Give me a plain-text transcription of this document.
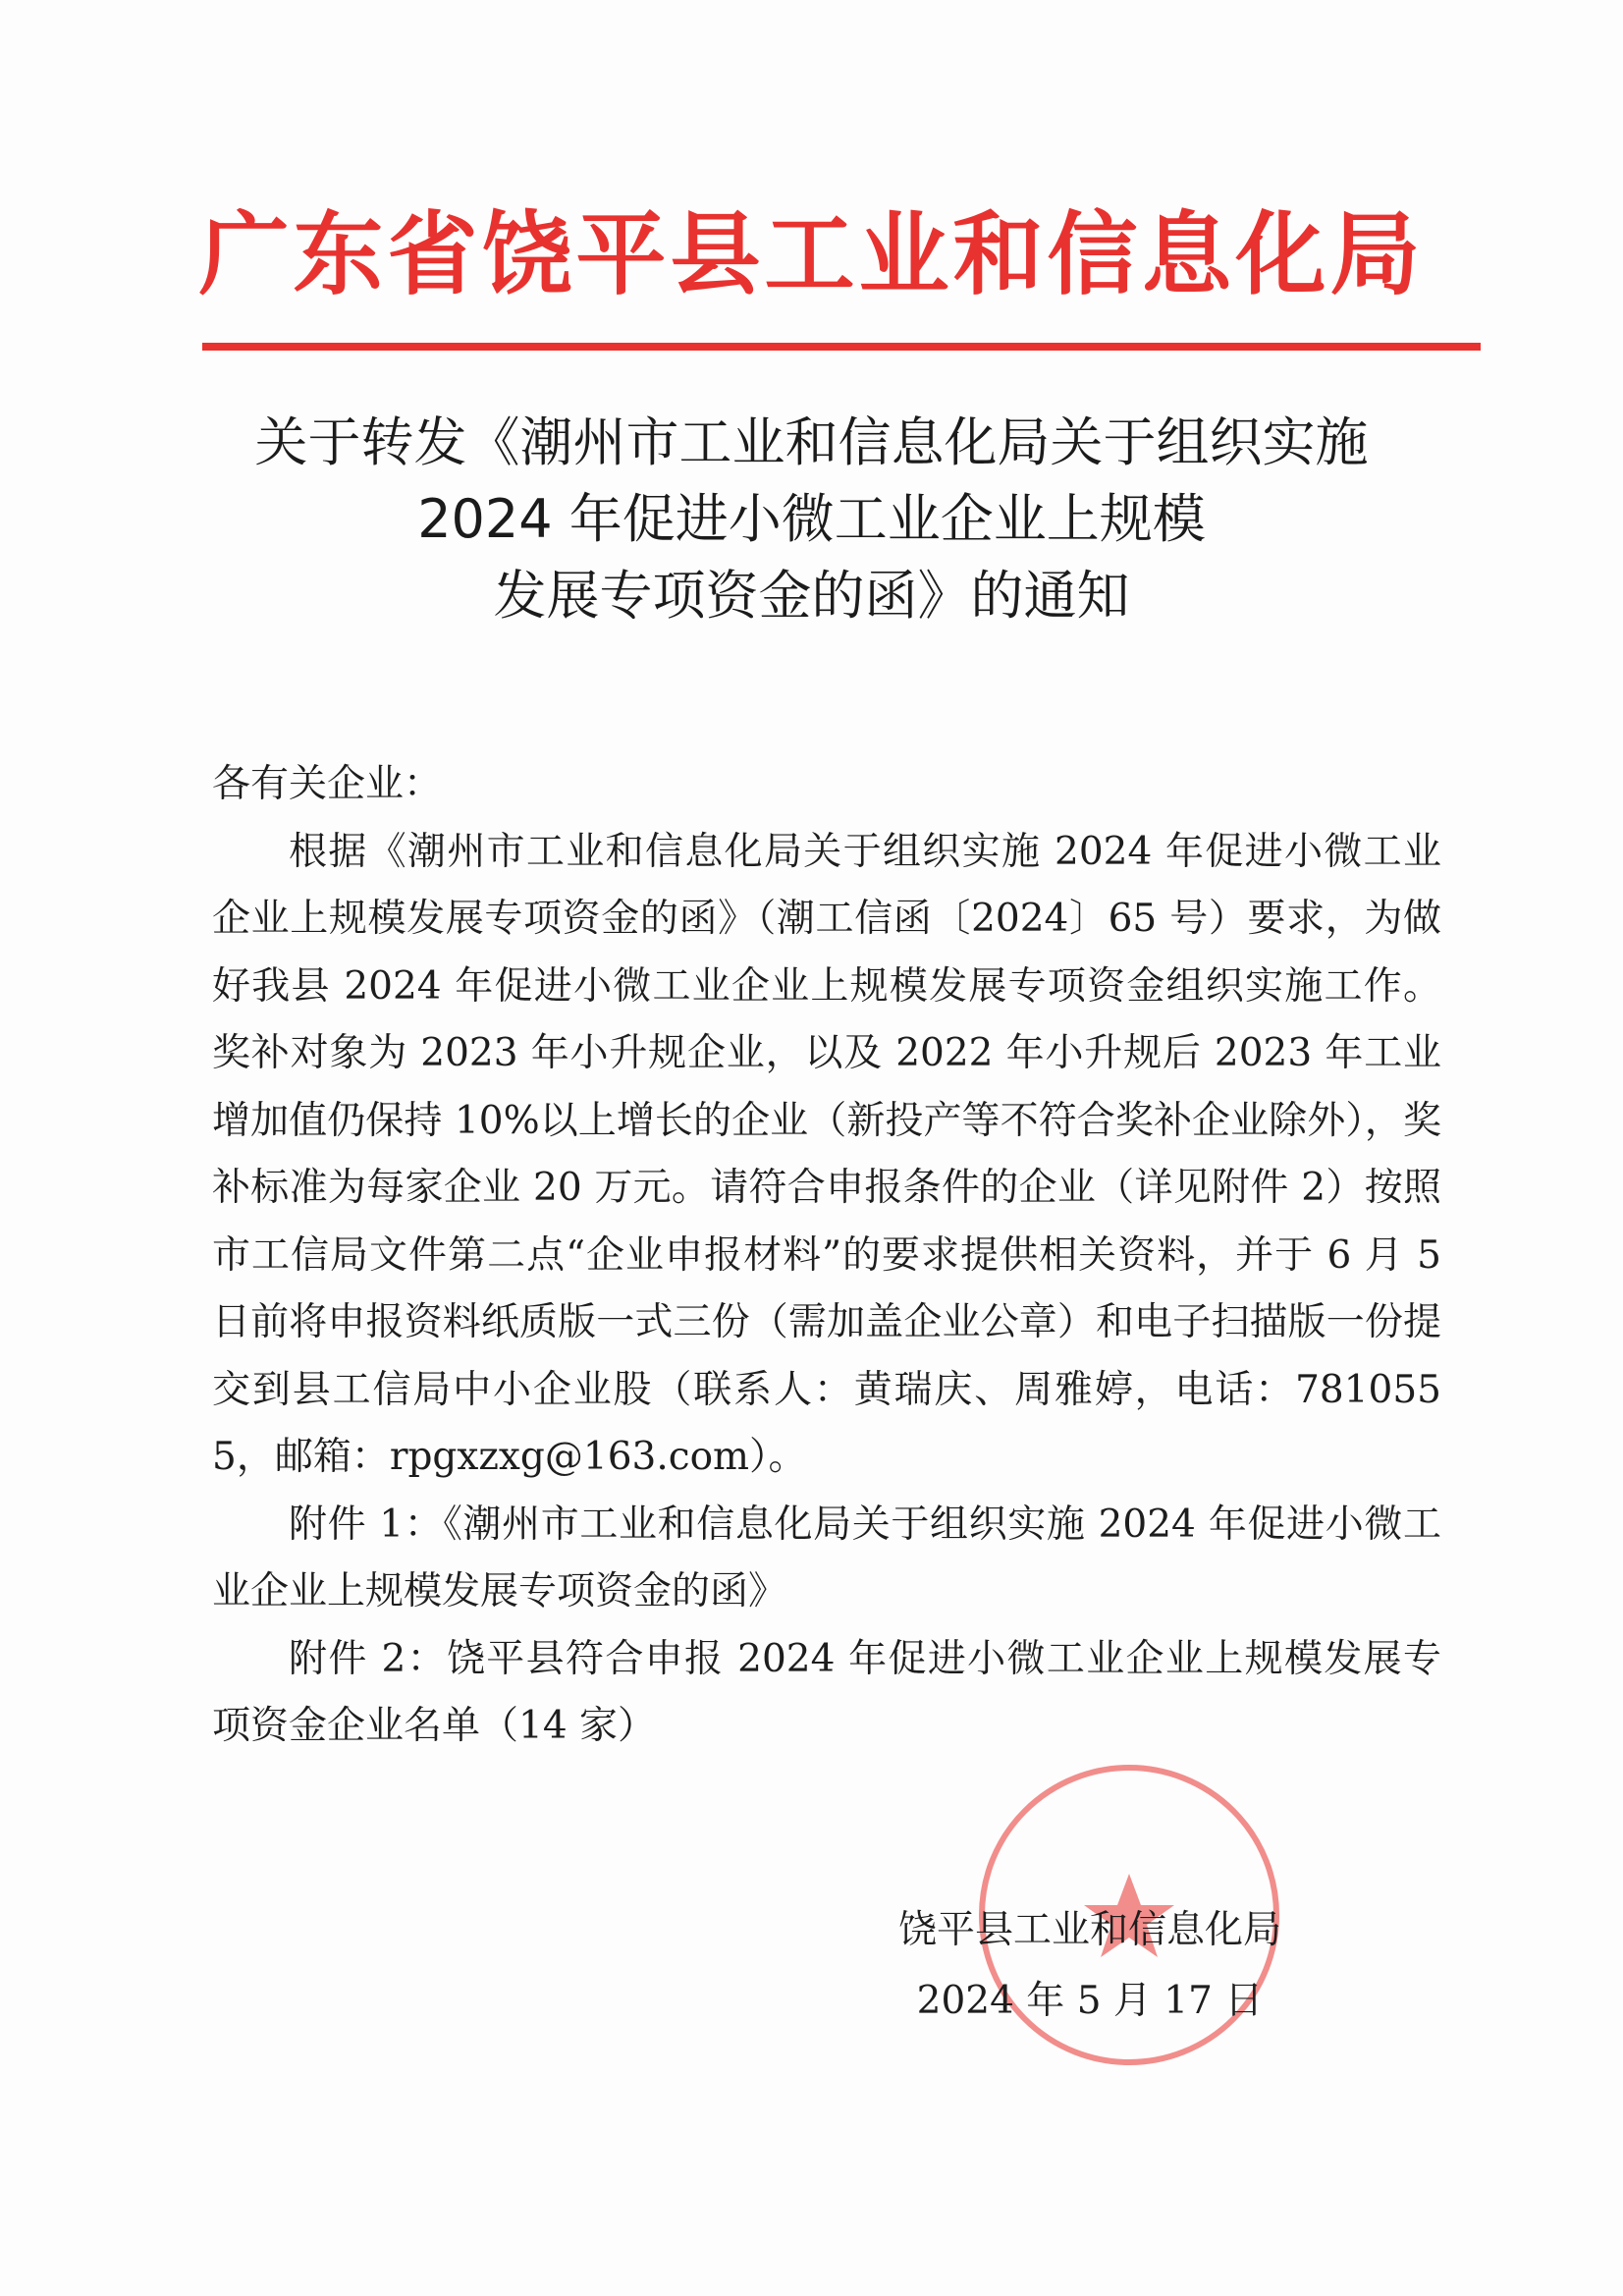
广东省饶平县工业和信息化局
关于转发《潮州市工业和信息化局关于组织实施
2024 年促进小微工业企业上规模
发展专项资金的函》的通知

各有关企业：

根据《潮州市工业和信息化局关于组织实施 2024 年促进小微工业企业上规模发展专项资金的函》（潮工信函〔2024〕65 号）要求，为做好我县 2024 年促进小微工业企业上规模发展专项资金组织实施工作。奖补对象为 2023 年小升规企业，以及 2022 年小升规后 2023 年工业增加值仍保持 10%以上增长的企业（新投产等不符合奖补企业除外），奖补标准为每家企业 20 万元。请符合申报条件的企业（详见附件 2）按照市工信局文件第二点“企业申报材料”的要求提供相关资料，并于 6 月 5 日前将申报资料纸质版一式三份（需加盖企业公章）和电子扫描版一份提交到县工信局中小企业股（联系人：黄瑞庆、周雅婷，电话：7810555，邮箱：rpgxzxg@163.com）。

附件 1：《潮州市工业和信息化局关于组织实施 2024 年促进小微工业企业上规模发展专项资金的函》

附件 2：饶平县符合申报 2024 年促进小微工业企业上规模发展专项资金企业名单（14 家）

饶平县工业和信息化局
2024 年 5 月 17 日
